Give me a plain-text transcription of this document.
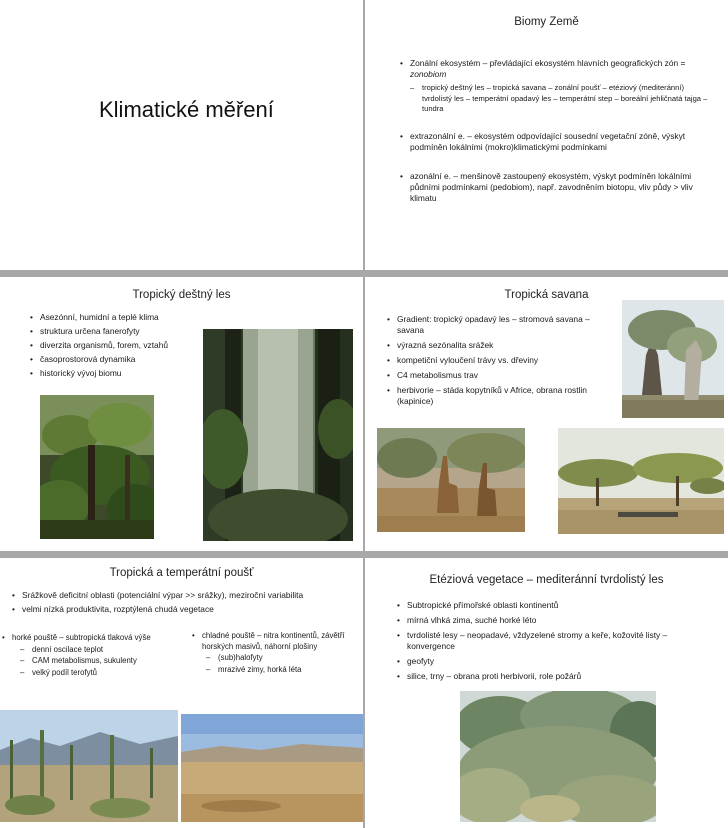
Klimatické měření
Biomy Země
• Zonální ekosystém – převládající ekosystém hlavních geografických zón = zonobiom
– tropický deštný les – tropická savana – zonální poušť – etéziový (mediteránní) tvrdolistý les – temperátní opadavý les – temperátní step – boreální jehličnatá tajga – tundra
• extrazonální e. – ekosystém odpovídající sousední vegetační zóně, výskyt podmíněn lokálními (mokro)klimatickými podmínkami
• azonální e. – menšinově zastoupený ekosystém, výskyt podmíněn lokálními půdními podmínkami (pedobiom), např. zavodněním biotopu, vliv půdy > vliv klimatu
Tropický deštný les
• Asezónní, humidní a teplé klima
• struktura určena fanerofyty
• diverzita organismů, forem, vztahů
• časoprostorová dynamika
• historický vývoj biomu
Tropická savana
• Gradient: tropický opadavý les – stromová savana – savana
• výrazná sezónalita srážek
• kompetiční vyloučení trávy vs. dřeviny
• C4 metabolismus trav
• herbivorie – stáda kopytníků v Africe, obrana rostlin (kapinice)
Tropická a temperátní poušť
• Srážkově deficitní oblasti (potenciální výpar >> srážky), meziroční variabilita
• velmi nízká produktivita, rozptýlená chudá vegetace
• horké pouště – subtropická tlaková výše
– denní oscilace teplot
– CAM metabolismus, sukulenty
– velký podíl terofytů
• chladné pouště – nitra kontinentů, závětří horských masivů, náhorní plošiny
– (sub)halofyty
– mrazivé zimy, horká léta
Etéziová vegetace – mediteránní tvrdolistý les
• Subtropické přímořské oblasti kontinentů
• mírná vlhká zima, suché horké léto
• tvrdolisté lesy – neopadavé, vždyzelené stromy a keře, kožovité listy – konvergence
• geofyty
• silice, trny – obrana proti herbivorii, role požárů
